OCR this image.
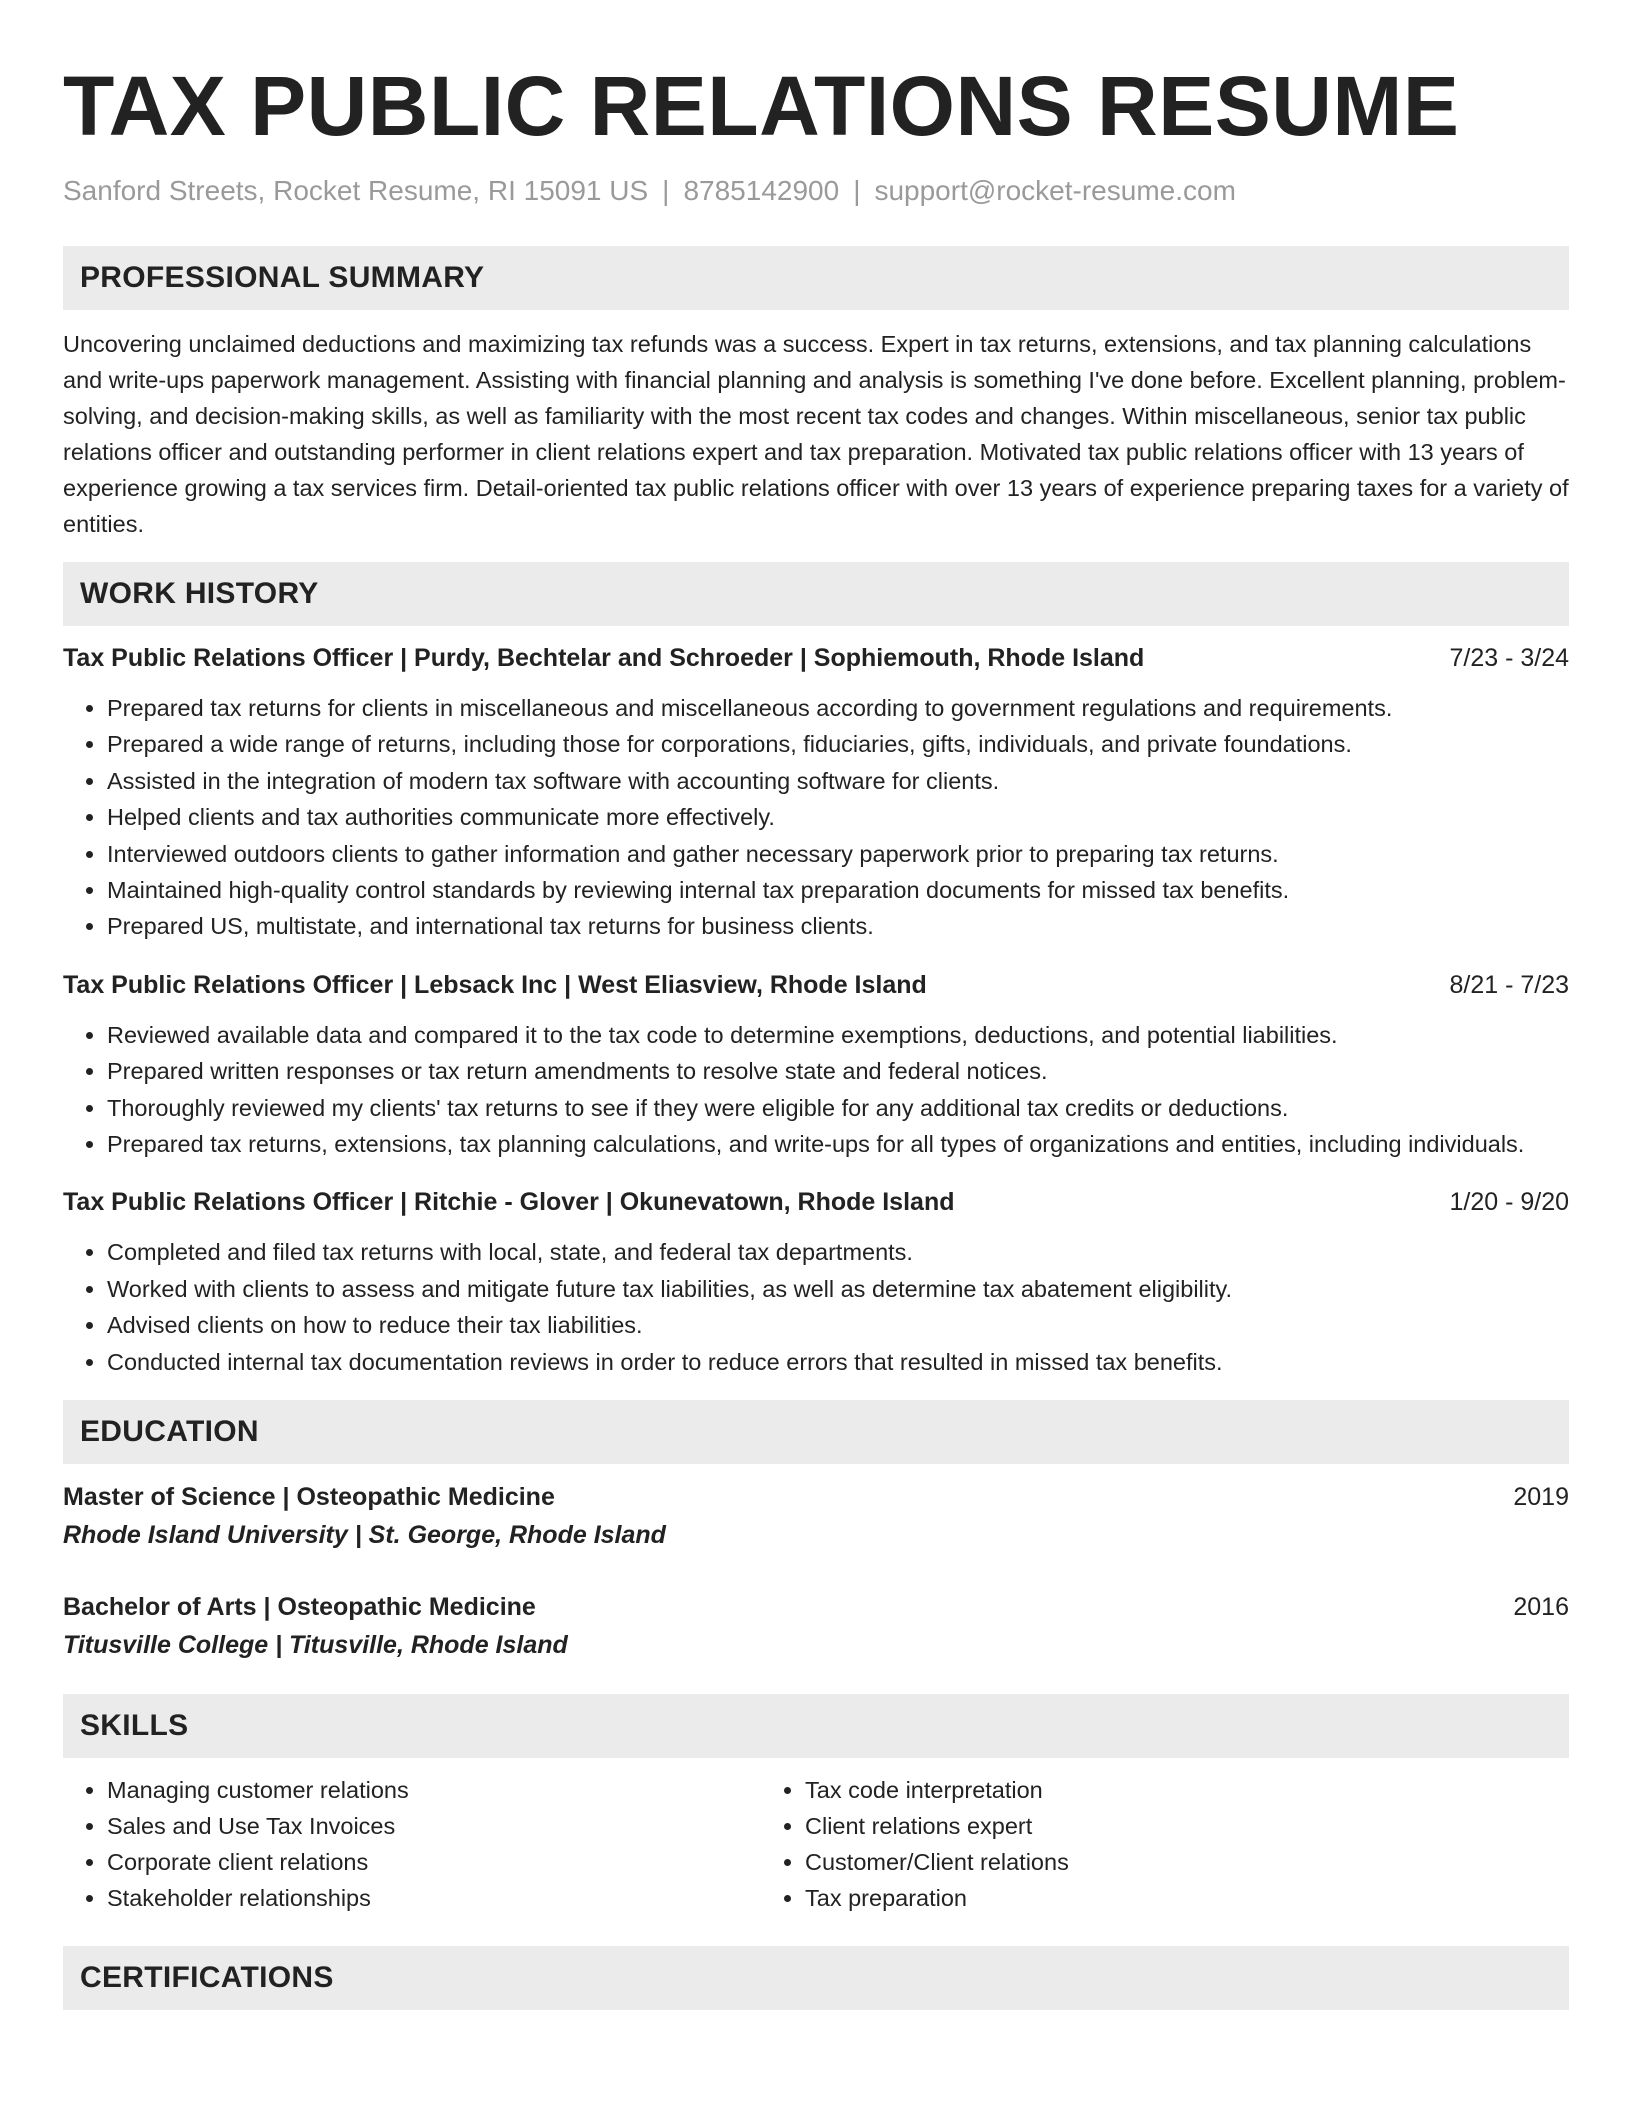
TAX PUBLIC RELATIONS RESUME
Sanford Streets, Rocket Resume, RI 15091 US | 8785142900 | support@rocket-resume.com
PROFESSIONAL SUMMARY

Uncovering unclaimed deductions and maximizing tax refunds was a success. Expert in tax returns, extensions, and tax planning calculations and write-ups paperwork management. Assisting with financial planning and analysis is something I've done before. Excellent planning, problem-solving, and decision-making skills, as well as familiarity with the most recent tax codes and changes. Within miscellaneous, senior tax public relations officer and outstanding performer in client relations expert and tax preparation. Motivated tax public relations officer with 13 years of experience growing a tax services firm. Detail-oriented tax public relations officer with over 13 years of experience preparing taxes for a variety of entities.

WORK HISTORY
Tax Public Relations Officer | Purdy, Bechtelar and Schroeder | Sophiemouth, Rhode Island	7/23 - 3/24
• Prepared tax returns for clients in miscellaneous and miscellaneous according to government regulations and requirements.
• Prepared a wide range of returns, including those for corporations, fiduciaries, gifts, individuals, and private foundations.
• Assisted in the integration of modern tax software with accounting software for clients.
• Helped clients and tax authorities communicate more effectively.
• Interviewed outdoors clients to gather information and gather necessary paperwork prior to preparing tax returns.
• Maintained high-quality control standards by reviewing internal tax preparation documents for missed tax benefits.
• Prepared US, multistate, and international tax returns for business clients.
Tax Public Relations Officer | Lebsack Inc | West Eliasview, Rhode Island	8/21 - 7/23
• Reviewed available data and compared it to the tax code to determine exemptions, deductions, and potential liabilities.
• Prepared written responses or tax return amendments to resolve state and federal notices.
• Thoroughly reviewed my clients' tax returns to see if they were eligible for any additional tax credits or deductions.
• Prepared tax returns, extensions, tax planning calculations, and write-ups for all types of organizations and entities, including individuals.
Tax Public Relations Officer | Ritchie - Glover | Okunevatown, Rhode Island	1/20 - 9/20
• Completed and filed tax returns with local, state, and federal tax departments.
• Worked with clients to assess and mitigate future tax liabilities, as well as determine tax abatement eligibility.
• Advised clients on how to reduce their tax liabilities.
• Conducted internal tax documentation reviews in order to reduce errors that resulted in missed tax benefits.
EDUCATION
Master of Science | Osteopathic Medicine	2019
Rhode Island University | St. George, Rhode Island
Bachelor of Arts | Osteopathic Medicine	2016
Titusville College | Titusville, Rhode Island
SKILLS
• Managing customer relations
• Sales and Use Tax Invoices
• Corporate client relations
• Stakeholder relationships
• Tax code interpretation
• Client relations expert
• Customer/Client relations
• Tax preparation
CERTIFICATIONS
